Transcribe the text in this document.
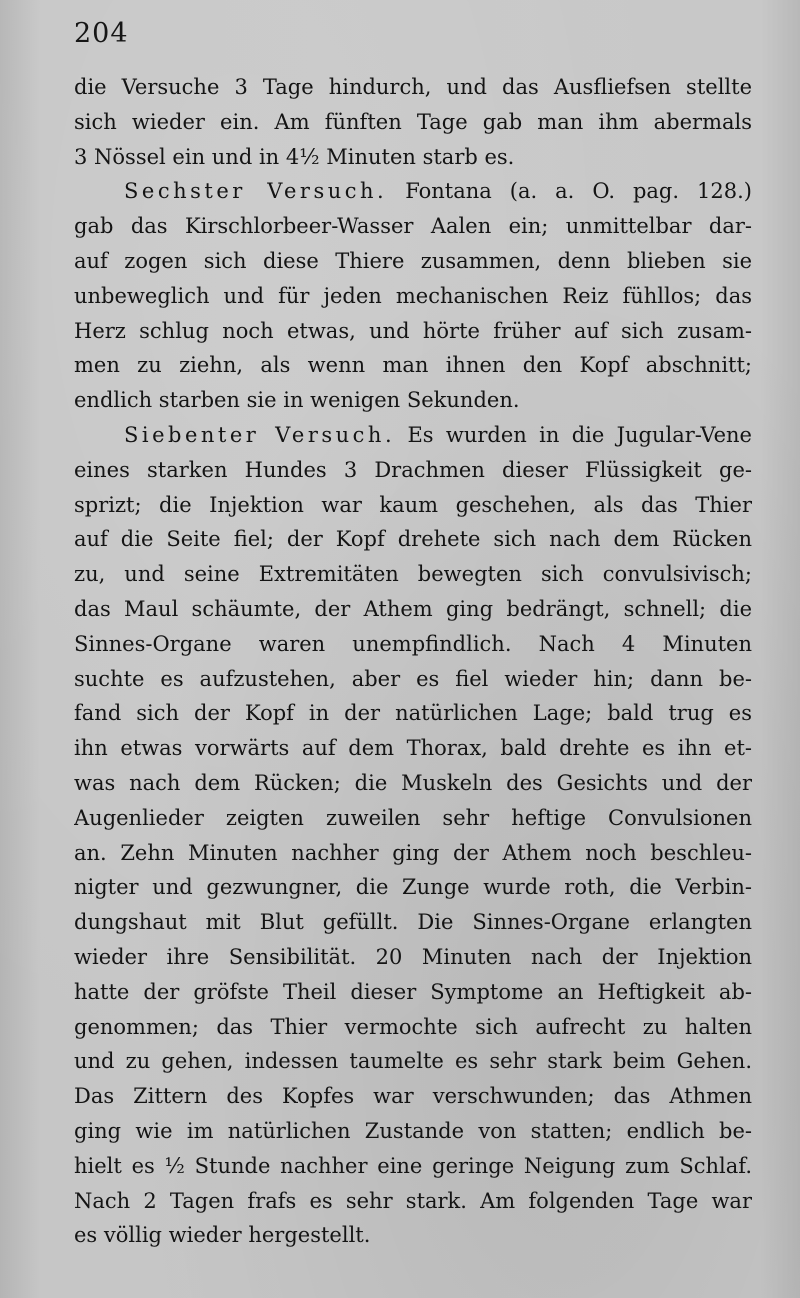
204
die Versuche 3 Tage hindurch, und das Ausfliefsen stellte
sich wieder ein. Am fünften Tage gab man ihm abermals
3 Nössel ein und in 4½ Minuten starb es.
Sechster Versuch. Fontana (a. a. O. pag. 128.)
gab das Kirschlorbeer-Wasser Aalen ein; unmittelbar dar-
auf zogen sich diese Thiere zusammen, denn blieben sie
unbeweglich und für jeden mechanischen Reiz fühllos; das
Herz schlug noch etwas, und hörte früher auf sich zusam-
men zu ziehn, als wenn man ihnen den Kopf abschnitt;
endlich starben sie in wenigen Sekunden.
Siebenter Versuch. Es wurden in die Jugular-Vene
eines starken Hundes 3 Drachmen dieser Flüssigkeit ge-
sprizt; die Injektion war kaum geschehen, als das Thier
auf die Seite fiel; der Kopf drehete sich nach dem Rücken
zu, und seine Extremitäten bewegten sich convulsivisch;
das Maul schäumte, der Athem ging bedrängt, schnell; die
Sinnes-Organe waren unempfindlich. Nach 4 Minuten
suchte es aufzustehen, aber es fiel wieder hin; dann be-
fand sich der Kopf in der natürlichen Lage; bald trug es
ihn etwas vorwärts auf dem Thorax, bald drehte es ihn et-
was nach dem Rücken; die Muskeln des Gesichts und der
Augenlieder zeigten zuweilen sehr heftige Convulsionen
an. Zehn Minuten nachher ging der Athem noch beschleu-
nigter und gezwungner, die Zunge wurde roth, die Verbin-
dungshaut mit Blut gefüllt. Die Sinnes-Organe erlangten
wieder ihre Sensibilität. 20 Minuten nach der Injektion
hatte der gröfste Theil dieser Symptome an Heftigkeit ab-
genommen; das Thier vermochte sich aufrecht zu halten
und zu gehen, indessen taumelte es sehr stark beim Gehen.
Das Zittern des Kopfes war verschwunden; das Athmen
ging wie im natürlichen Zustande von statten; endlich be-
hielt es ½ Stunde nachher eine geringe Neigung zum Schlaf.
Nach 2 Tagen frafs es sehr stark. Am folgenden Tage war
es völlig wieder hergestellt.
